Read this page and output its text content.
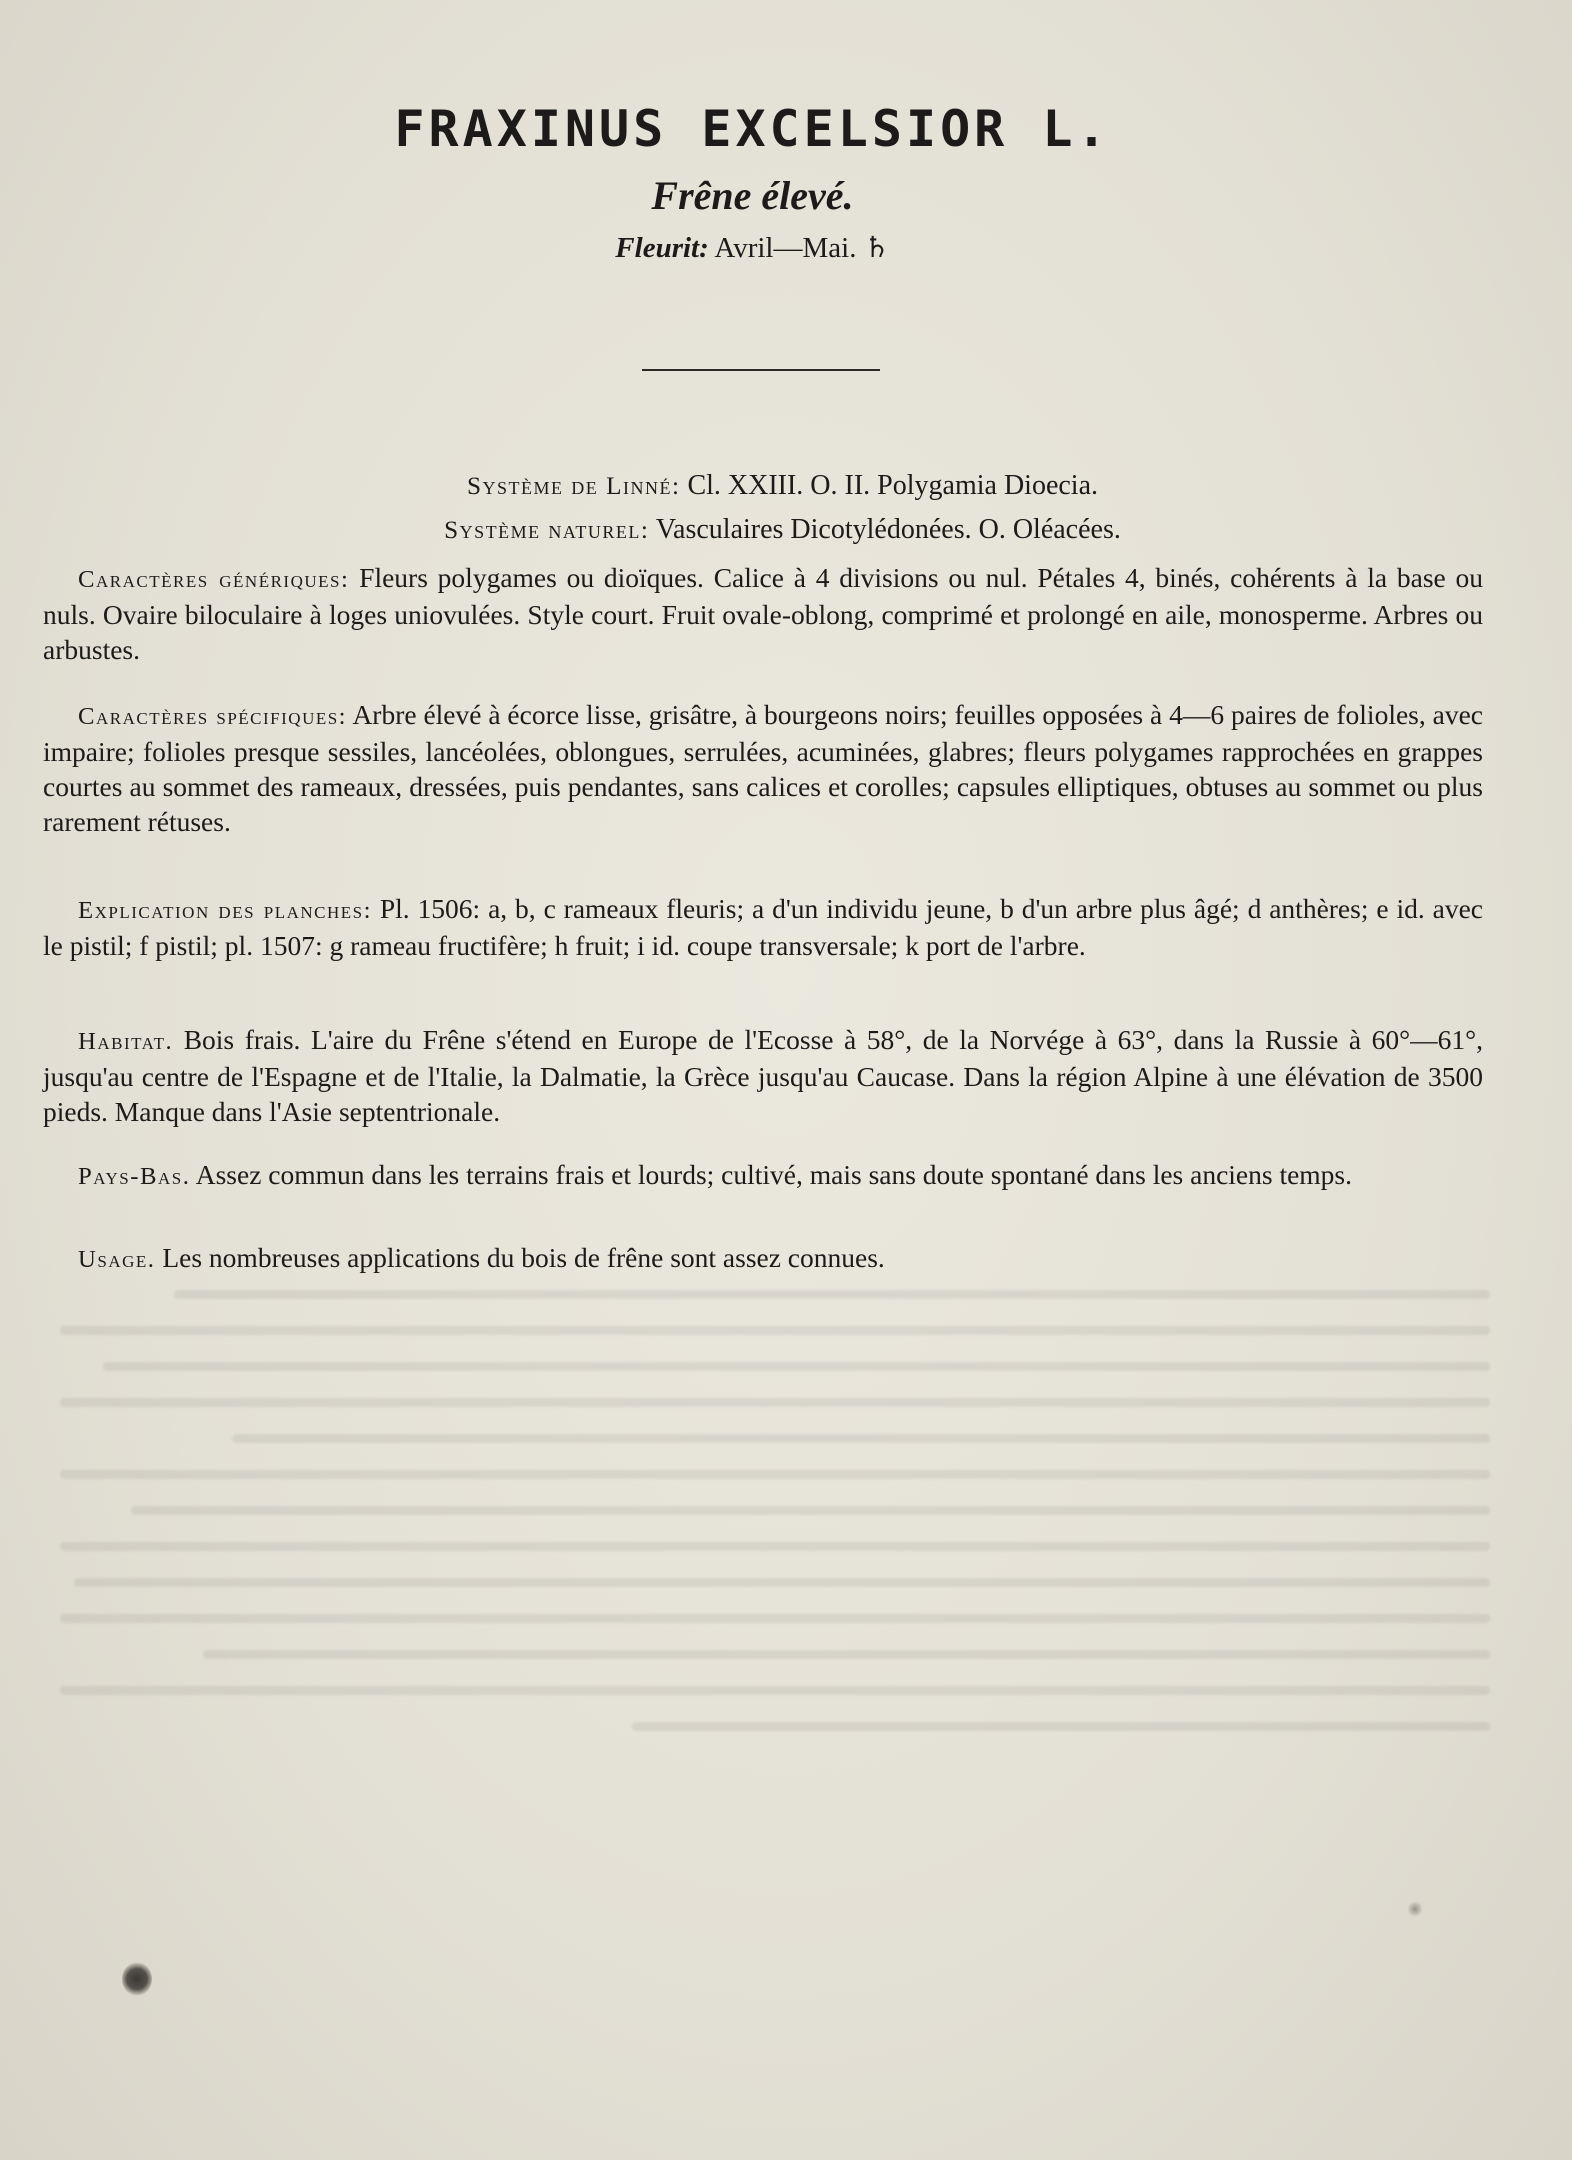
FRAXINUS EXCELSIOR L.
Frêne élevé.
Fleurit: Avril—Mai. ♄
Système de Linné: Cl. XXIII. O. II. Polygamia Dioecia.
Système naturel: Vasculaires Dicotylédonées. O. Oléacées.

Caractères génériques: Fleurs polygames ou dioïques. Calice à 4 divisions ou nul. Pétales 4, binés, cohérents à la base ou nuls. Ovaire biloculaire à loges uniovulées. Style court. Fruit ovale-oblong, comprimé et prolongé en aile, monosperme. Arbres ou arbustes.

Caractères spécifiques: Arbre élevé à écorce lisse, grisâtre, à bourgeons noirs; feuilles opposées à 4—6 paires de folioles, avec impaire; folioles presque sessiles, lancéolées, oblongues, serrulées, acuminées, glabres; fleurs polygames rapprochées en grappes courtes au sommet des rameaux, dressées, puis pendantes, sans calices et corolles; capsules elliptiques, obtuses au sommet ou plus rarement rétuses.

Explication des planches: Pl. 1506: a, b, c rameaux fleuris; a d'un individu jeune, b d'un arbre plus âgé; d anthères; e id. avec le pistil; f pistil; pl. 1507: g rameau fructifère; h fruit; i id. coupe transversale; k port de l'arbre.

Habitat. Bois frais. L'aire du Frêne s'étend en Europe de l'Ecosse à 58°, de la Norvége à 63°, dans la Russie à 60°—61°, jusqu'au centre de l'Espagne et de l'Italie, la Dalmatie, la Grèce jusqu'au Caucase. Dans la région Alpine à une élévation de 3500 pieds. Manque dans l'Asie septentrionale.

Pays-Bas. Assez commun dans les terrains frais et lourds; cultivé, mais sans doute spontané dans les anciens temps.

Usage. Les nombreuses applications du bois de frêne sont assez connues.
